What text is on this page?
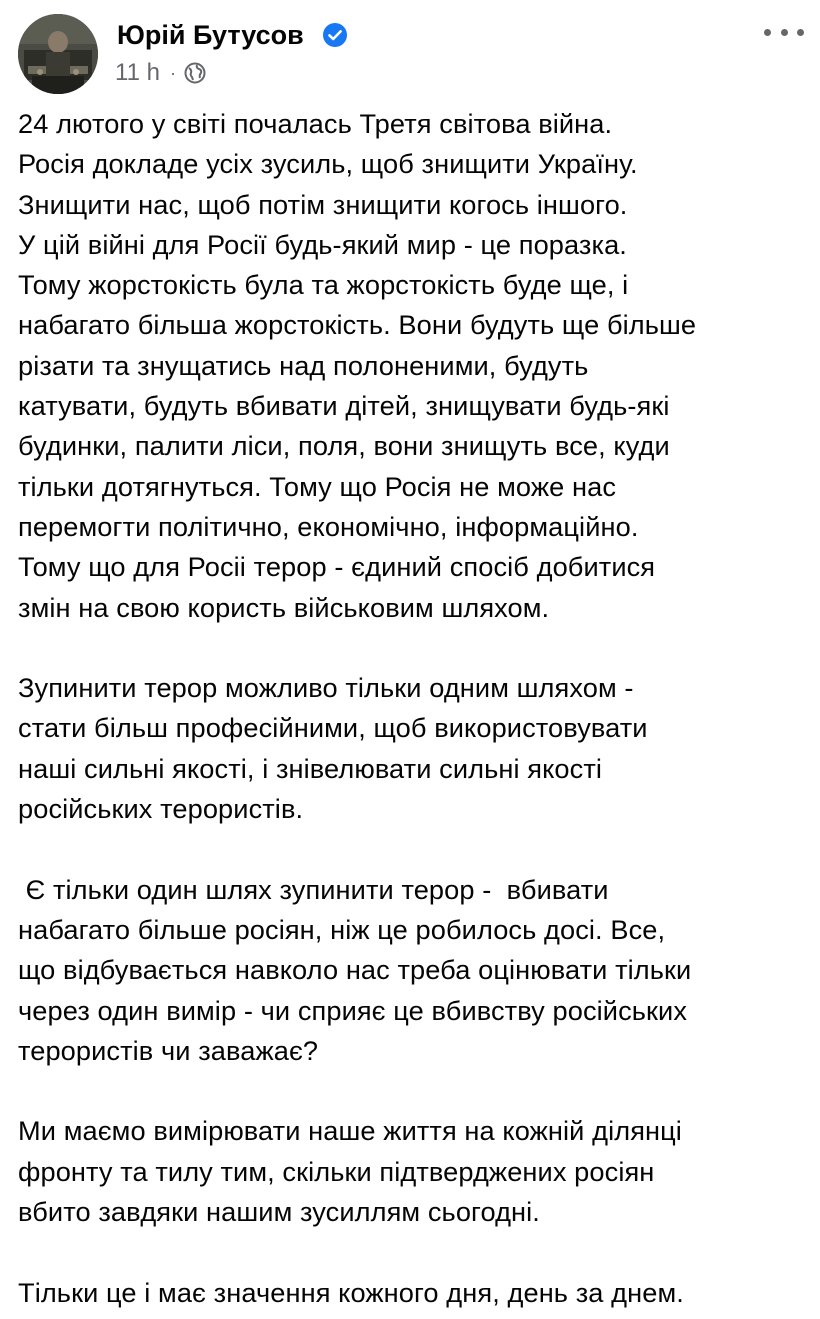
Юрій Бутусов
11 h ·
24 лютого у світі почалась Третя світова війна.
Росія докладе усіх зусиль, щоб знищити Україну.
Знищити нас, щоб потім знищити когось іншого.
У цій війні для Росії будь-який мир - це поразка.
Тому жорстокість була та жорстокість буде ще, і
набагато більша жорстокість. Вони будуть ще більше
різати та знущатись над полоненими, будуть
катувати, будуть вбивати дітей, знищувати будь-які
будинки, палити ліси, поля, вони знищуть все, куди
тільки дотягнуться. Тому що Росія не може нас
перемогти політично, економічно, інформаційно.
Тому що для Росіі терор - єдиний спосіб добитися
змін на свою користь військовим шляхом.
Зупинити терор можливо тільки одним шляхом -
стати більш професійними, щоб використовувати
наші сильні якості, і знівелювати сильні якості
російських терористів.
Є тільки один шлях зупинити терор -  вбивати
набагато більше росіян, ніж це робилось досі. Все,
що відбувається навколо нас треба оцінювати тільки
через один вимір - чи сприяє це вбивству російських
терористів чи заважає?
Ми маємо вимірювати наше життя на кожній ділянці
фронту та тилу тим, скільки підтверджених росіян
вбито завдяки нашим зусиллям сьогодні.
Тільки це і має значення кожного дня, день за днем.
